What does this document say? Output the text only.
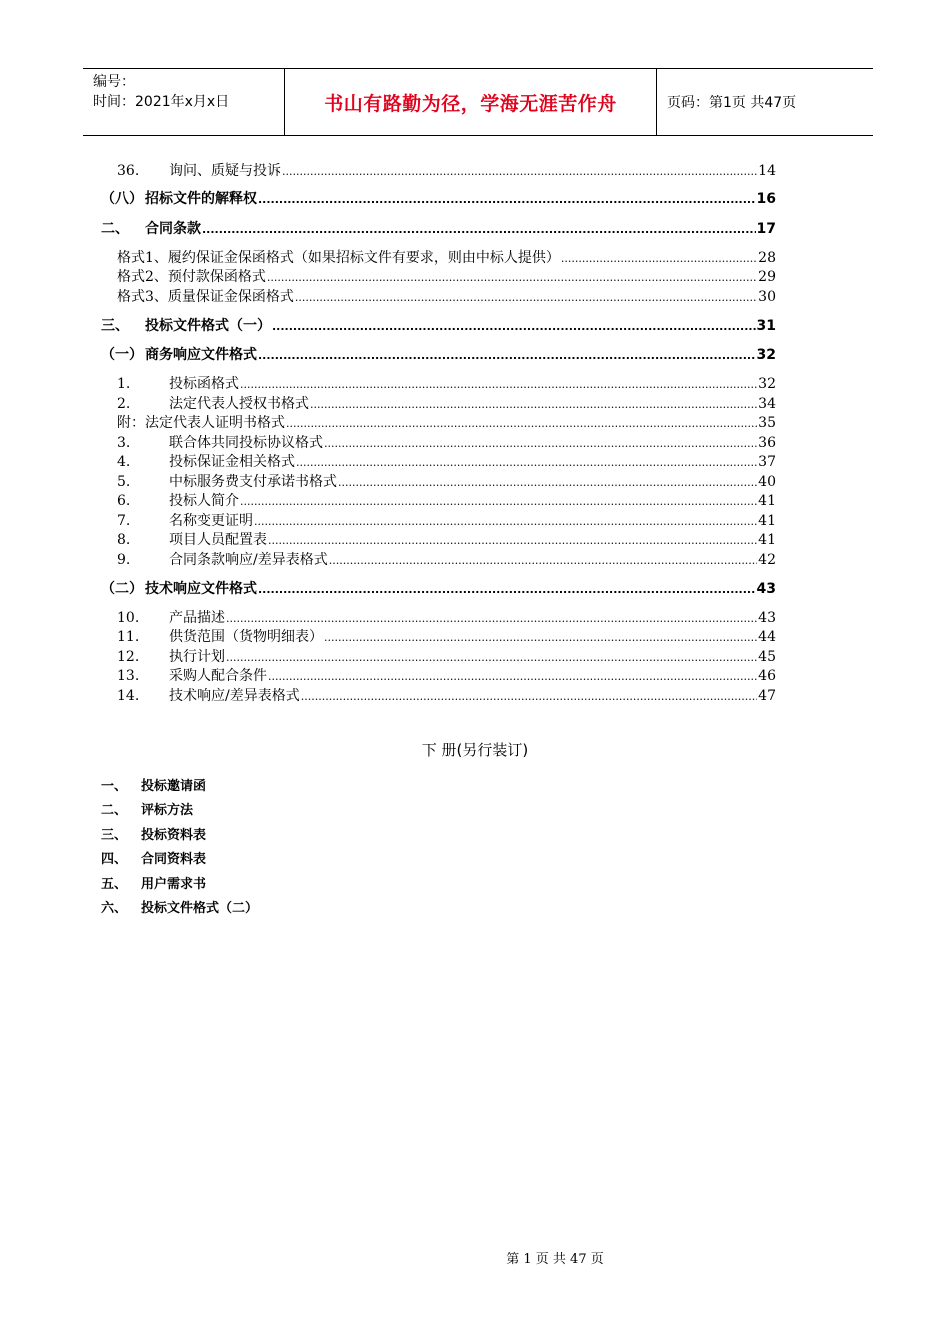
编号：
时间：2021年x月x日	书山有路勤为径，学海无涯苦作舟	页码：第1页 共47页
36.	询问、质疑与投诉 .....	14
（八） 招标文件的解释权 .....	16
二、	合同条款 .....	17
格式1、履约保证金保函格式（如果招标文件有要求，则由中标人提供） .....	28
格式2、预付款保函格式 .....	29
格式3、质量保证金保函格式 .....	30
三、	投标文件格式（一） .....	31
（一） 商务响应文件格式 .....	32
1.	投标函格式 .....	32
2.	法定代表人授权书格式 .....	34
附：法定代表人证明书格式 .....	35
3.	联合体共同投标协议格式 .....	36
4.	投标保证金相关格式 .....	37
5.	中标服务费支付承诺书格式 .....	40
6.	投标人简介 .....	41
7.	名称变更证明 .....	41
8.	项目人员配置表 .....	41
9.	合同条款响应/差异表格式 .....	42
（二） 技术响应文件格式 .....	43
10.	产品描述 .....	43
11.	供货范围（货物明细表） .....	44
12.	执行计划 .....	45
13.	采购人配合条件 .....	46
14.	技术响应/差异表格式 .....	47
下 册(另行装订)
一、	投标邀请函
二、	评标方法
三、	投标资料表
四、	合同资料表
五、	用户需求书
六、	投标文件格式（二）
第 1 页 共 47 页
